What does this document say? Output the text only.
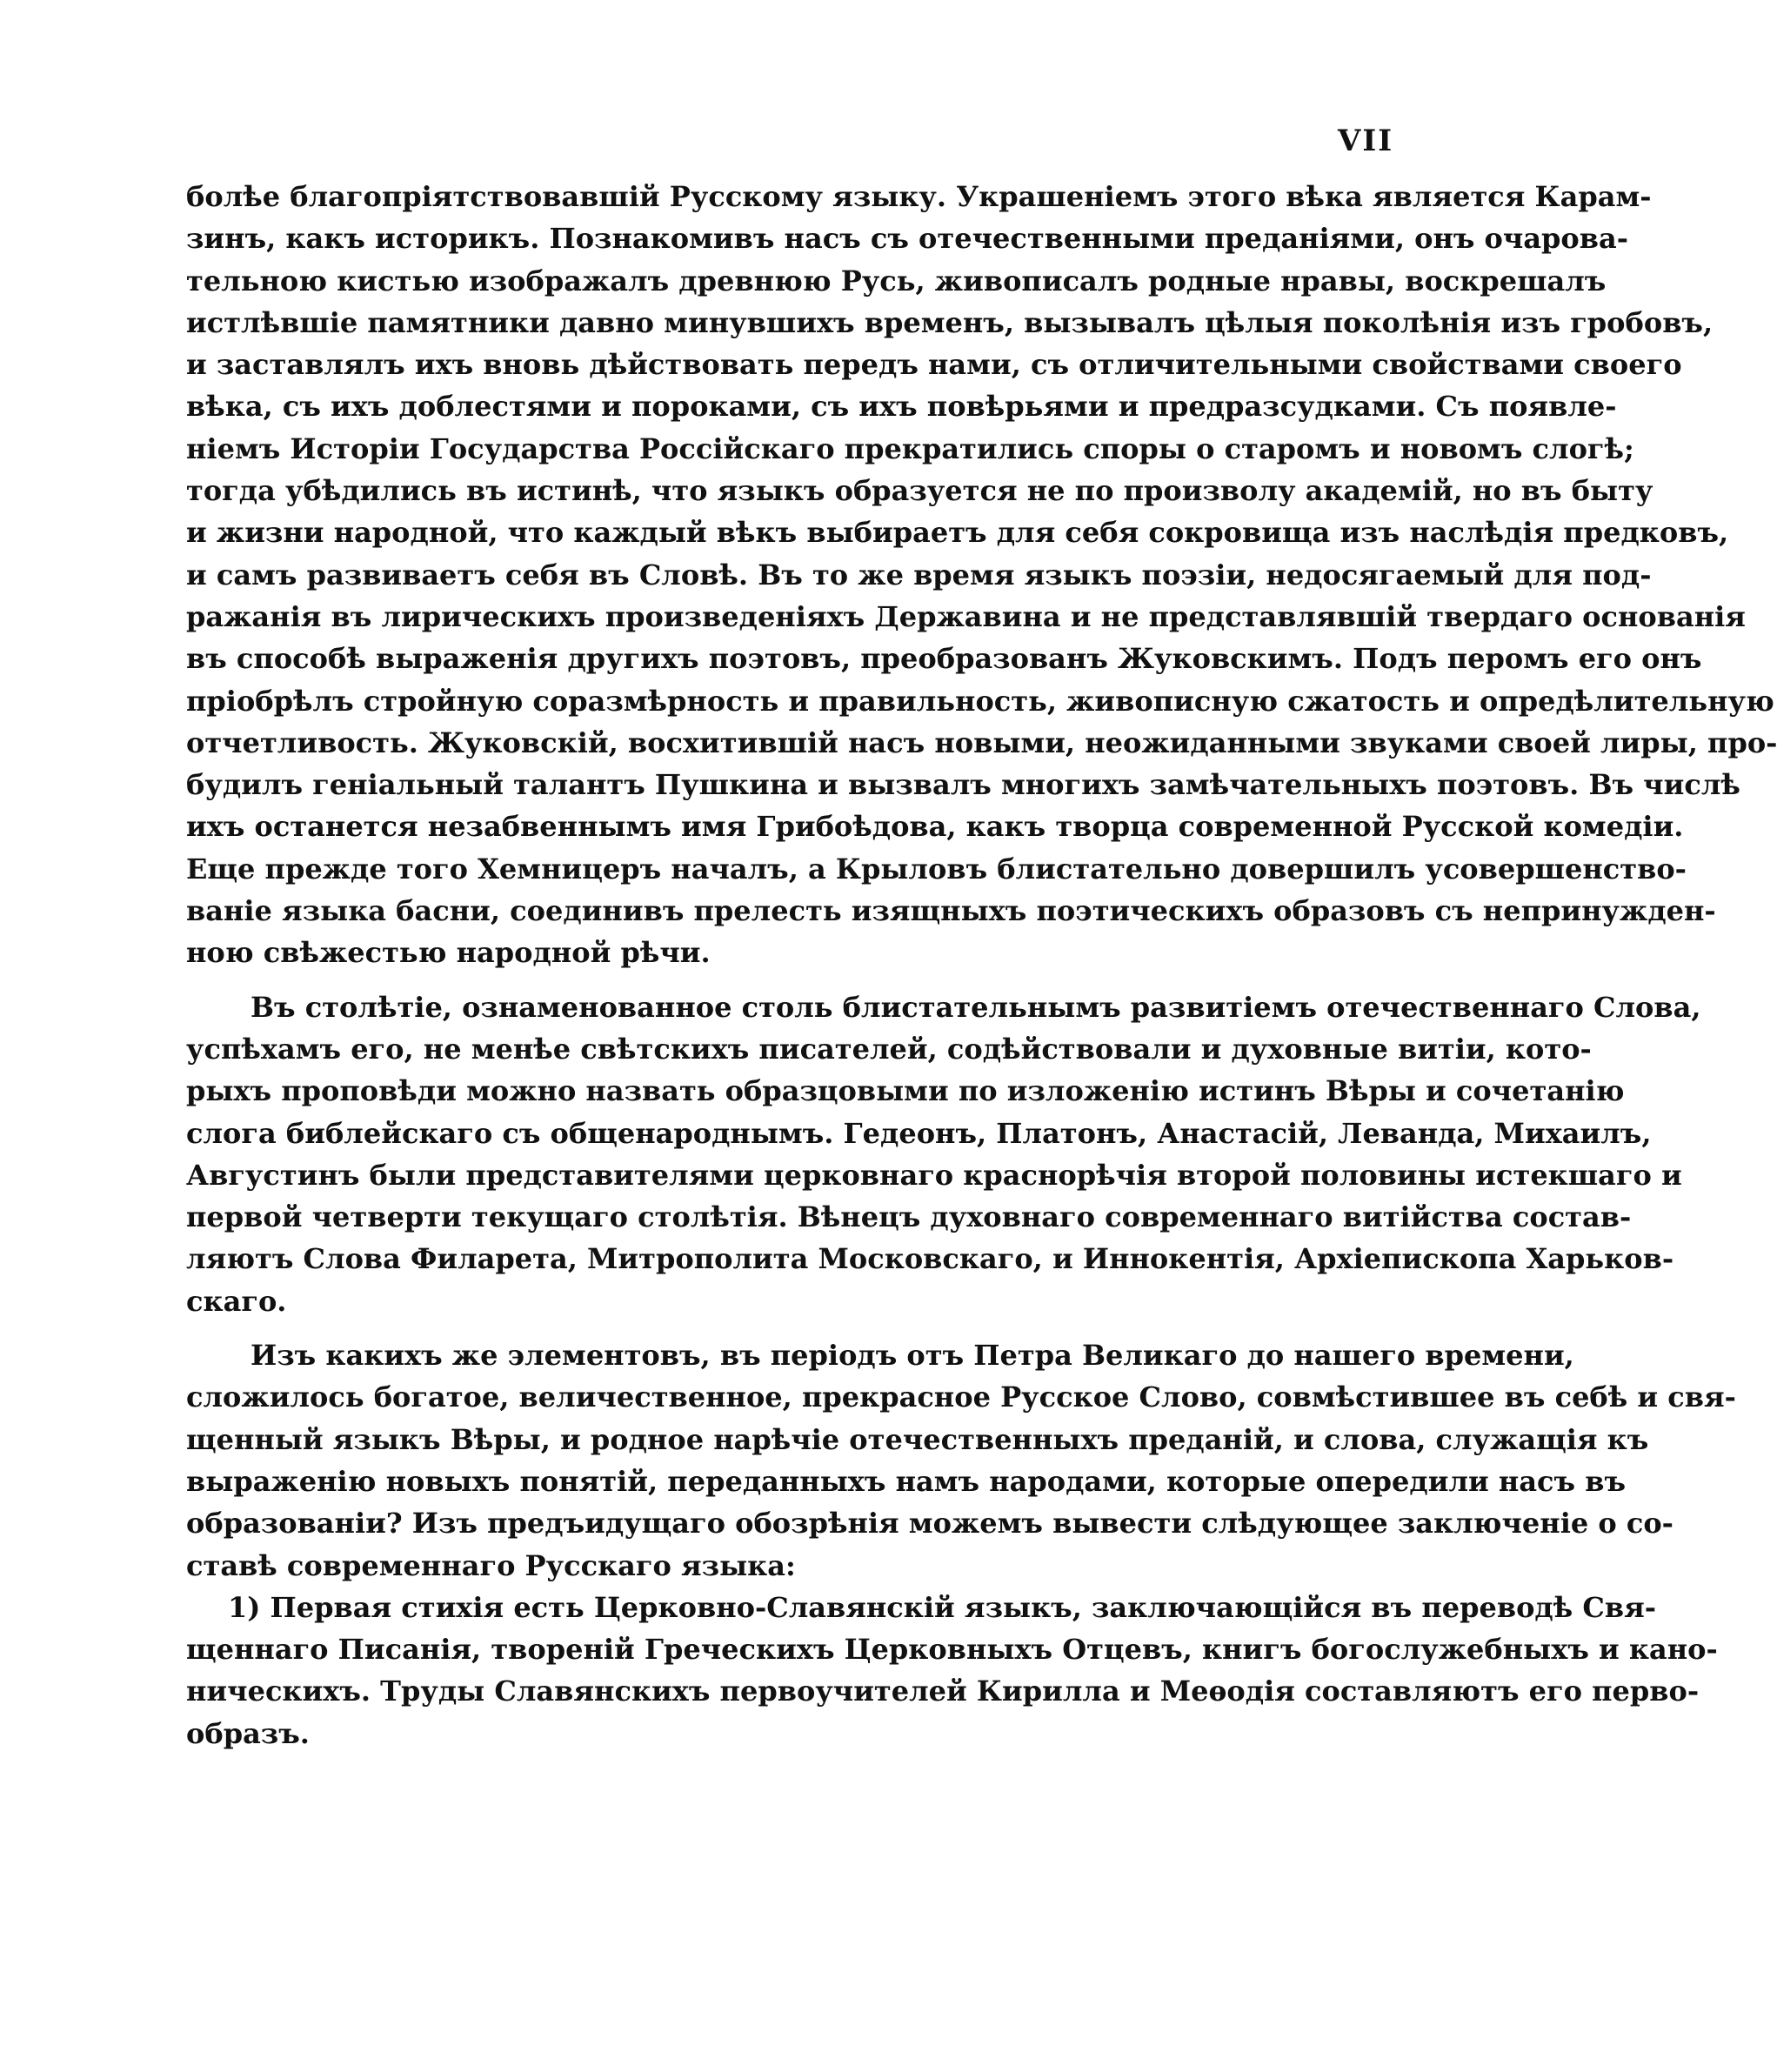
VII
болѣе благопріятствовавшій Русскому языку. Украшеніемъ этого вѣка является Карам-
зинъ, какъ историкъ. Познакомивъ насъ съ отечественными преданіями, онъ очарова-
тельною кистью изображалъ древнюю Русь, живописалъ родные нравы, воскрешалъ
истлѣвшіе памятники давно минувшихъ временъ, вызывалъ цѣлыя поколѣнія изъ гробовъ,
и заставлялъ ихъ вновь дѣйствовать передъ нами, съ отличительными свойствами своего
вѣка, съ ихъ доблестями и пороками, съ ихъ повѣрьями и предразсудками. Съ появле-
ніемъ Исторіи Государства Россійскаго прекратились споры о старомъ и новомъ слогѣ;
тогда убѣдились въ истинѣ, что языкъ образуется не по произволу академій, но въ быту
и жизни народной, что каждый вѣкъ выбираетъ для себя сокровища изъ наслѣдія предковъ,
и самъ развиваетъ себя въ Словѣ. Въ то же время языкъ поэзіи, недосягаемый для под-
ражанія въ лирическихъ произведеніяхъ Державина и не представлявшій твердаго основанія
въ способѣ выраженія другихъ поэтовъ, преобразованъ Жуковскимъ. Подъ перомъ его онъ
пріобрѣлъ стройную соразмѣрность и правильность, живописную сжатость и опредѣлительную
отчетливость. Жуковскій, восхитившій насъ новыми, неожиданными звуками своей лиры, про-
будилъ геніальный талантъ Пушкина и вызвалъ многихъ замѣчательныхъ поэтовъ. Въ числѣ
ихъ останется незабвеннымъ имя Грибоѣдова, какъ творца современной Русской комедіи.
Еще прежде того Хемницеръ началъ, а Крыловъ блистательно довершилъ усовершенство-
ваніе языка басни, соединивъ прелесть изящныхъ поэтическихъ образовъ съ непринужден-
ною свѣжестью народной рѣчи.
Въ столѣтіе, ознаменованное столь блистательнымъ развитіемъ отечественнаго Слова,
успѣхамъ его, не менѣе свѣтскихъ писателей, содѣйствовали и духовные витіи, кото-
рыхъ проповѣди можно назвать образцовыми по изложенію истинъ Вѣры и сочетанію
слога библейскаго съ общенароднымъ. Гедеонъ, Платонъ, Анастасій, Леванда, Михаилъ,
Августинъ были представителями церковнаго краснорѣчія второй половины истекшаго и
первой четверти текущаго столѣтія. Вѣнецъ духовнаго современнаго витійства состав-
ляютъ Слова Филарета, Митрополита Московскаго, и Иннокентія, Архіепископа Харьков-
скаго.
Изъ какихъ же элементовъ, въ періодъ отъ Петра Великаго до нашего времени,
сложилось богатое, величественное, прекрасное Русское Слово, совмѣстившее въ себѣ и свя-
щенный языкъ Вѣры, и родное нарѣчіе отечественныхъ преданій, и слова, служащія къ
выраженію новыхъ понятій, переданныхъ намъ народами, которые опередили насъ въ
образованіи? Изъ предъидущаго обозрѣнія можемъ вывести слѣдующее заключеніе о со-
ставѣ современнаго Русскаго языка:
1) Первая стихія есть Церковно-Славянскій языкъ, заключающійся въ переводѣ Свя-
щеннаго Писанія, твореній Греческихъ Церковныхъ Отцевъ, книгъ богослужебныхъ и кано-
ническихъ. Труды Славянскихъ первоучителей Кирилла и Меѳодія составляютъ его перво-
образъ.
